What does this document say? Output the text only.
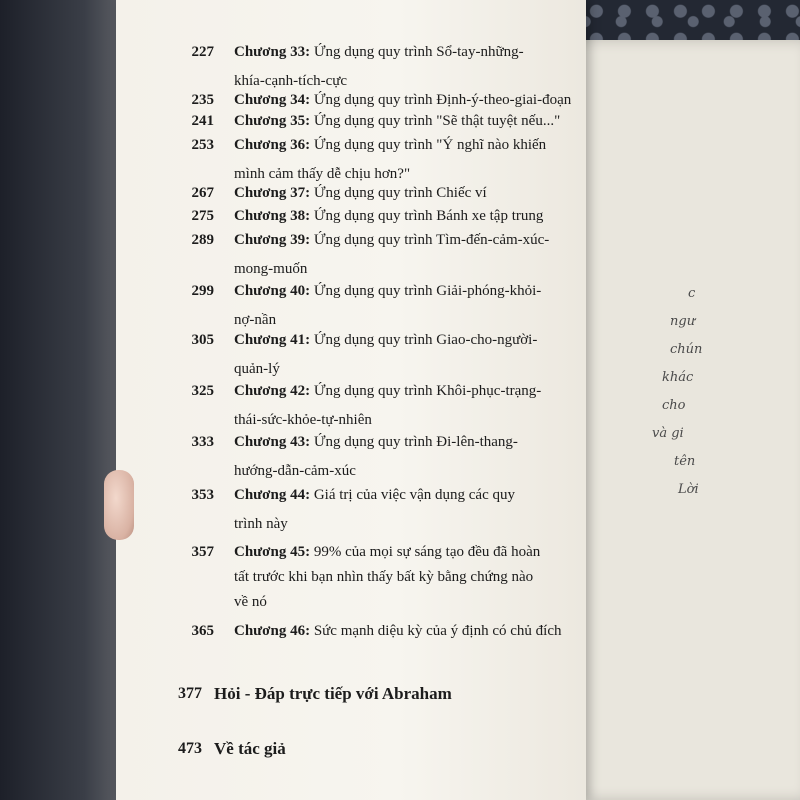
c
ngư
chún
khác
cho
và gi
tên
Lời
227 Chương 33: Ứng dụng quy trình Sổ-tay-những-
khía-cạnh-tích-cực
235 Chương 34: Ứng dụng quy trình Định-ý-theo-giai-đoạn
241 Chương 35: Ứng dụng quy trình "Sẽ thật tuyệt nếu..."
253 Chương 36: Ứng dụng quy trình "Ý nghĩ nào khiến
mình cảm thấy dễ chịu hơn?"
267 Chương 37: Ứng dụng quy trình Chiếc ví
275 Chương 38: Ứng dụng quy trình Bánh xe tập trung
289 Chương 39: Ứng dụng quy trình Tìm-đến-cảm-xúc-
mong-muốn
299 Chương 40: Ứng dụng quy trình Giải-phóng-khỏi-
nợ-nần
305 Chương 41: Ứng dụng quy trình Giao-cho-người-
quản-lý
325 Chương 42: Ứng dụng quy trình Khôi-phục-trạng-
thái-sức-khỏe-tự-nhiên
333 Chương 43: Ứng dụng quy trình Đi-lên-thang-
hướng-dẫn-cảm-xúc
353 Chương 44: Giá trị của việc vận dụng các quy
trình này
357 Chương 45: 99% của mọi sự sáng tạo đều đã hoàn
tất trước khi bạn nhìn thấy bất kỳ bằng chứng nào
về nó
365 Chương 46: Sức mạnh diệu kỳ của ý định có chủ đích
377 Hỏi - Đáp trực tiếp với Abraham
473 Về tác giả
